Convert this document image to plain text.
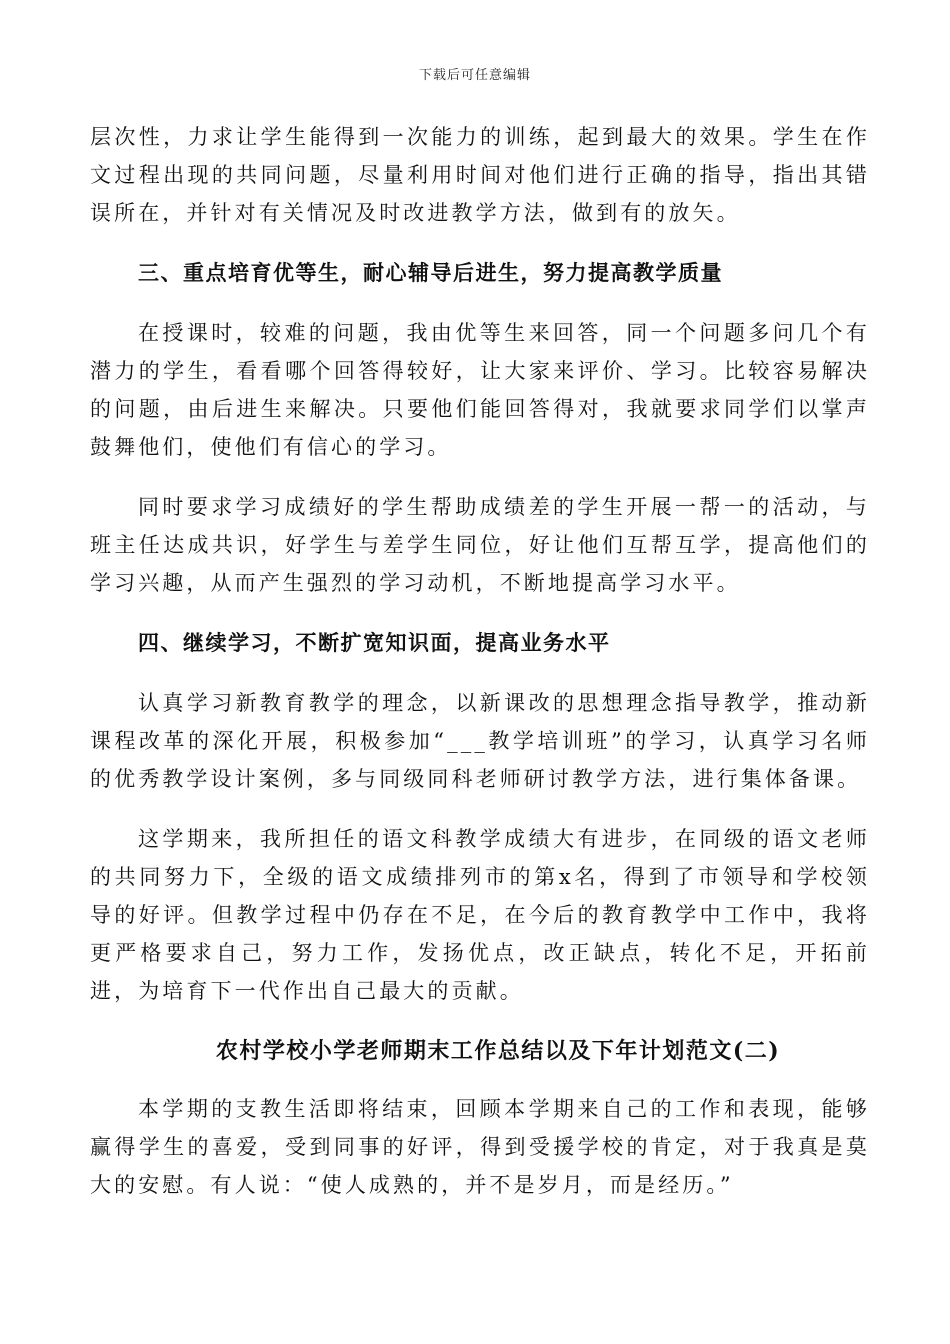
下载后可任意编辑

层次性，力求让学生能得到一次能力的训练，起到最大的效果。学生在作文过程出现的共同问题，尽量利用时间对他们进行正确的指导，指出其错误所在，并针对有关情况及时改进教学方法，做到有的放矢。

三、重点培育优等生，耐心辅导后进生，努力提高教学质量

在授课时，较难的问题，我由优等生来回答，同一个问题多问几个有潜力的学生，看看哪个回答得较好，让大家来评价、学习。比较容易解决的问题，由后进生来解决。只要他们能回答得对，我就要求同学们以掌声鼓舞他们，使他们有信心的学习。

同时要求学习成绩好的学生帮助成绩差的学生开展一帮一的活动，与班主任达成共识，好学生与差学生同位，好让他们互帮互学，提高他们的学习兴趣，从而产生强烈的学习动机，不断地提高学习水平。

四、继续学习，不断扩宽知识面，提高业务水平

认真学习新教育教学的理念，以新课改的思想理念指导教学，推动新课程改革的深化开展，积极参加“___教学培训班”的学习，认真学习名师的优秀教学设计案例，多与同级同科老师研讨教学方法，进行集体备课。

这学期来，我所担任的语文科教学成绩大有进步，在同级的语文老师的共同努力下，全级的语文成绩排列市的第x名，得到了市领导和学校领导的好评。但教学过程中仍存在不足，在今后的教育教学中工作中，我将更严格要求自己，努力工作，发扬优点，改正缺点，转化不足，开拓前进，为培育下一代作出自己最大的贡献。

农村学校小学老师期末工作总结以及下年计划范文(二)

本学期的支教生活即将结束，回顾本学期来自己的工作和表现，能够赢得学生的喜爱，受到同事的好评，得到受援学校的肯定，对于我真是莫大的安慰。有人说：“使人成熟的，并不是岁月，而是经历。”
